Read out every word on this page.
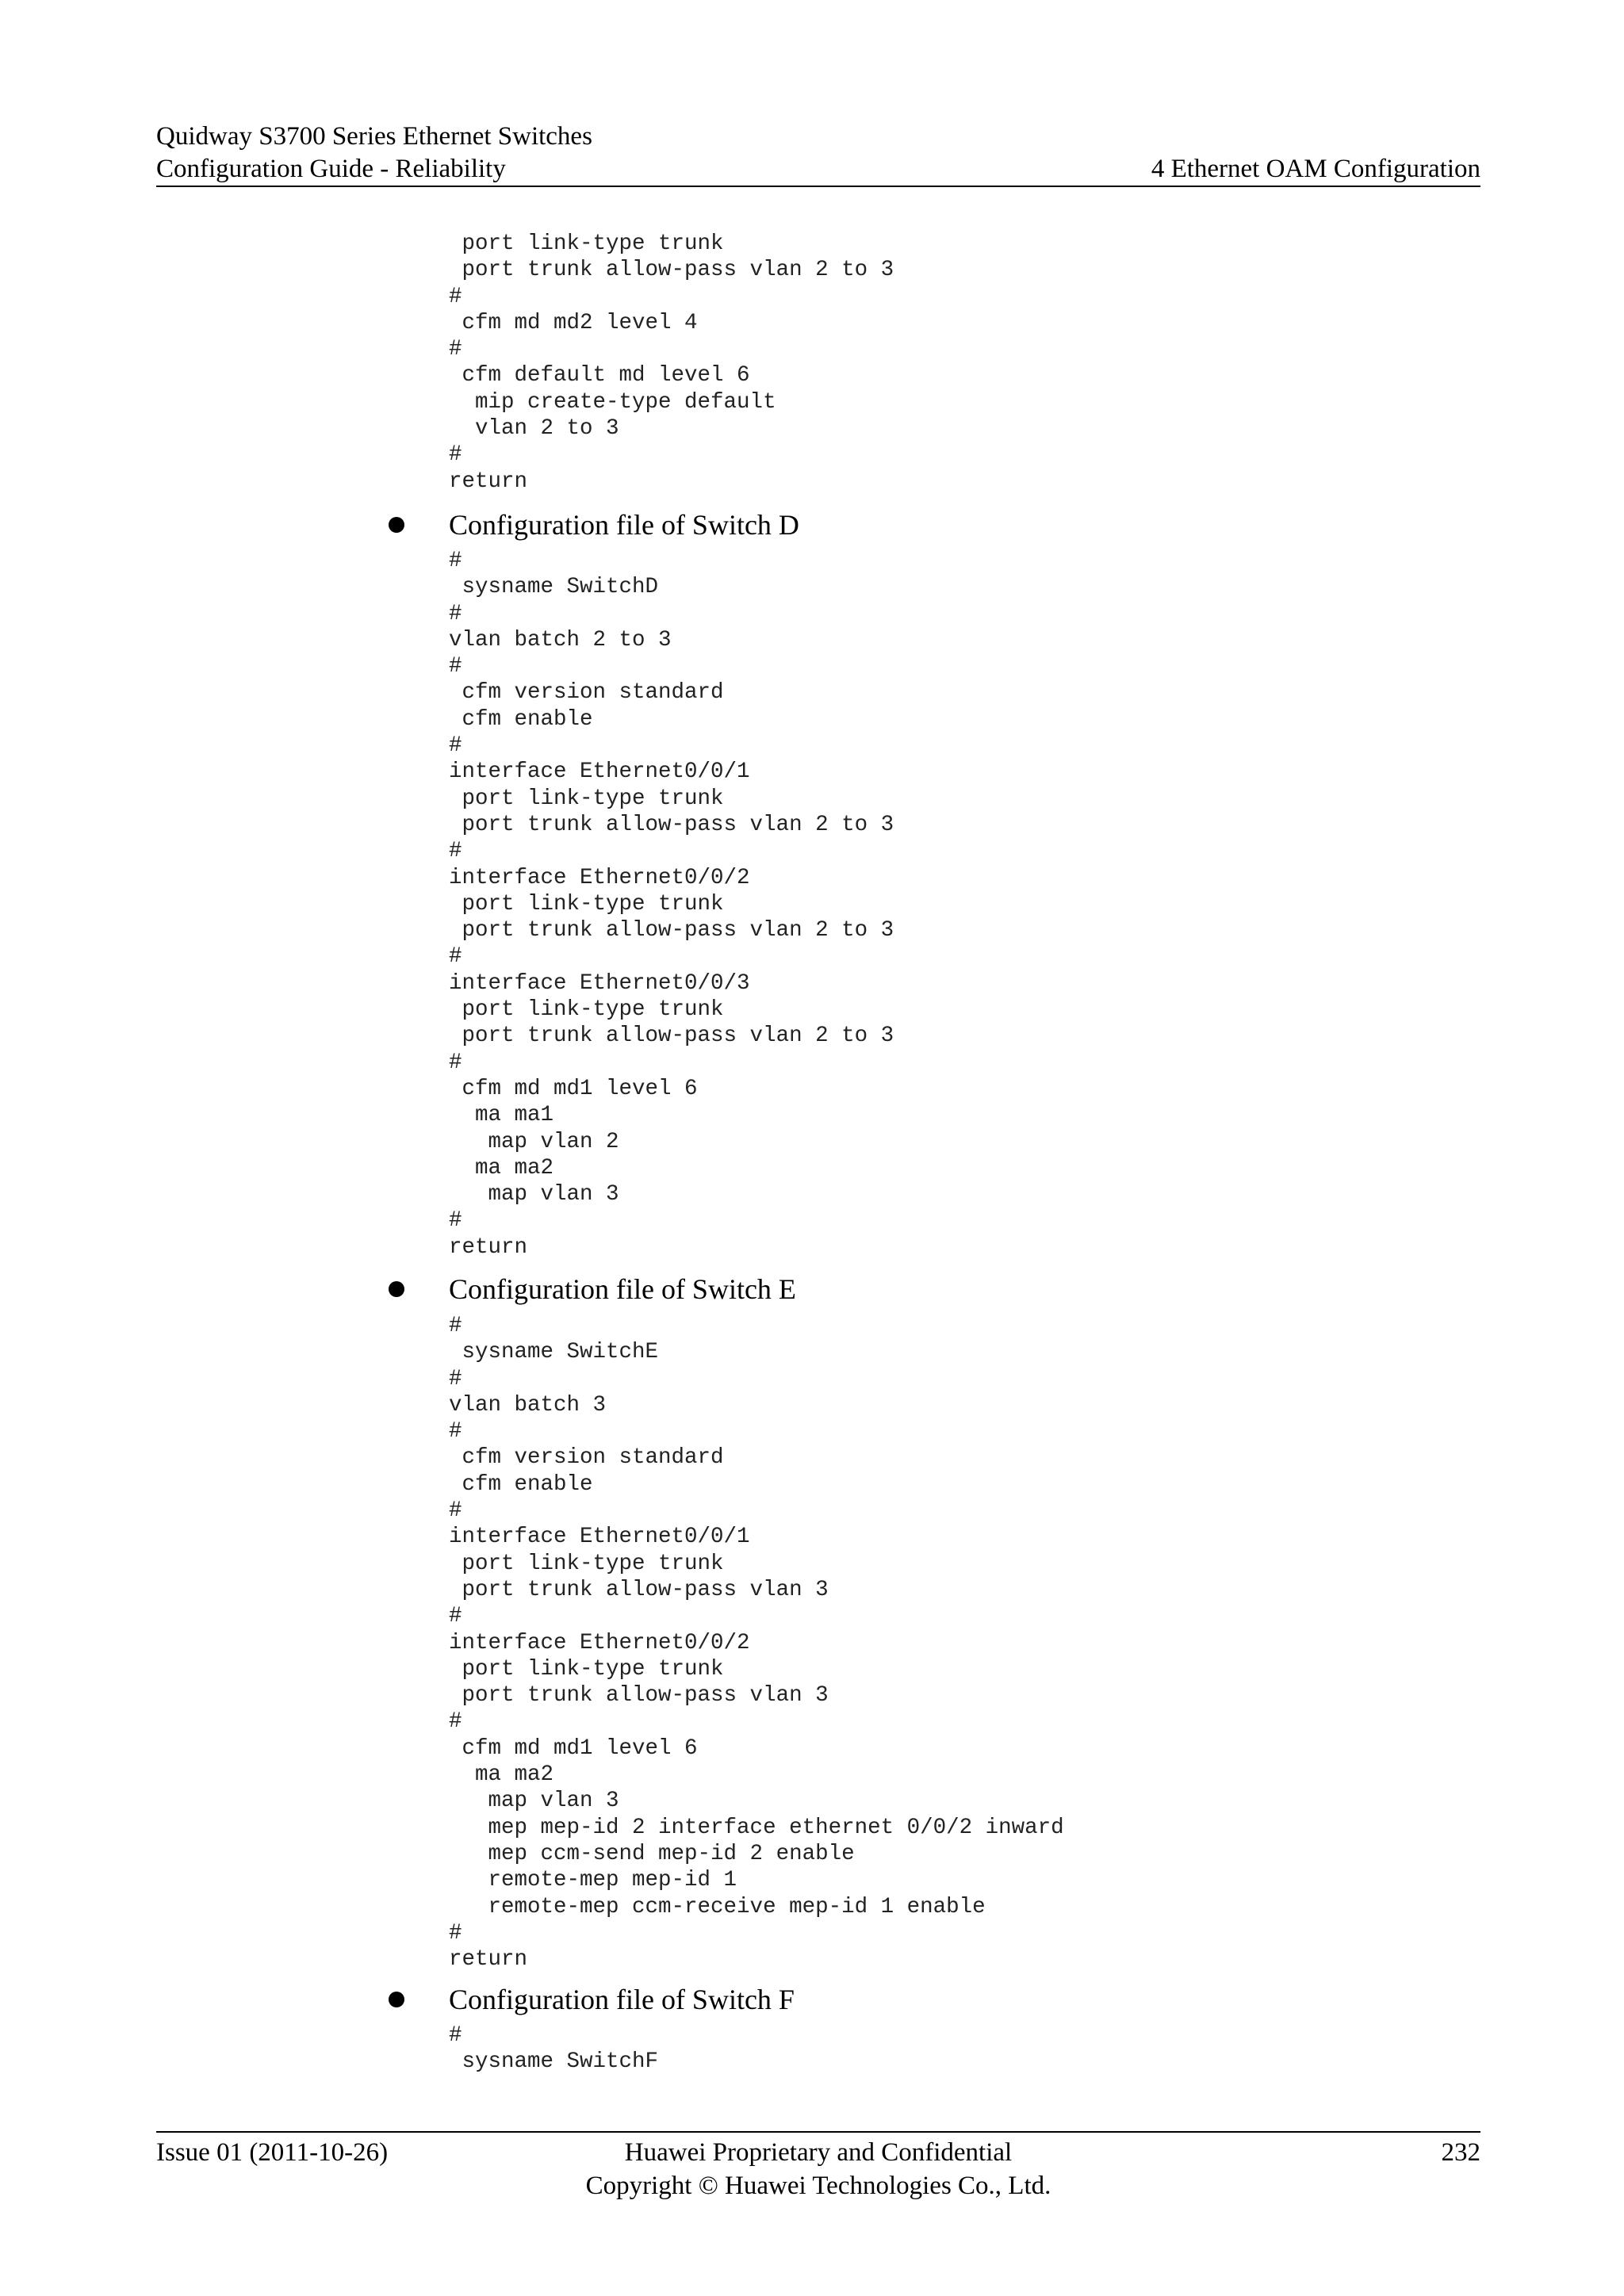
Quidway S3700 Series Ethernet Switches
Configuration Guide - Reliability	4 Ethernet OAM Configuration
port link-type trunk
port trunk allow-pass vlan 2 to 3
#
cfm md md2 level 4
#
cfm default md level 6
mip create-type default
vlan 2 to 3
#
return
Configuration file of Switch D
#
sysname SwitchD
#
vlan batch 2 to 3
#
cfm version standard
cfm enable
#
interface Ethernet0/0/1
port link-type trunk
port trunk allow-pass vlan 2 to 3
#
interface Ethernet0/0/2
port link-type trunk
port trunk allow-pass vlan 2 to 3
#
interface Ethernet0/0/3
port link-type trunk
port trunk allow-pass vlan 2 to 3
#
cfm md md1 level 6
ma ma1
map vlan 2
ma ma2
map vlan 3
#
return
Configuration file of Switch E
#
sysname SwitchE
#
vlan batch 3
#
cfm version standard
cfm enable
#
interface Ethernet0/0/1
port link-type trunk
port trunk allow-pass vlan 3
#
interface Ethernet0/0/2
port link-type trunk
port trunk allow-pass vlan 3
#
cfm md md1 level 6
ma ma2
map vlan 3
mep mep-id 2 interface ethernet 0/0/2 inward
mep ccm-send mep-id 2 enable
remote-mep mep-id 1
remote-mep ccm-receive mep-id 1 enable
#
return
Configuration file of Switch F
#
sysname SwitchF
Issue 01 (2011-10-26)	Huawei Proprietary and Confidential
Copyright © Huawei Technologies Co., Ltd.
232
